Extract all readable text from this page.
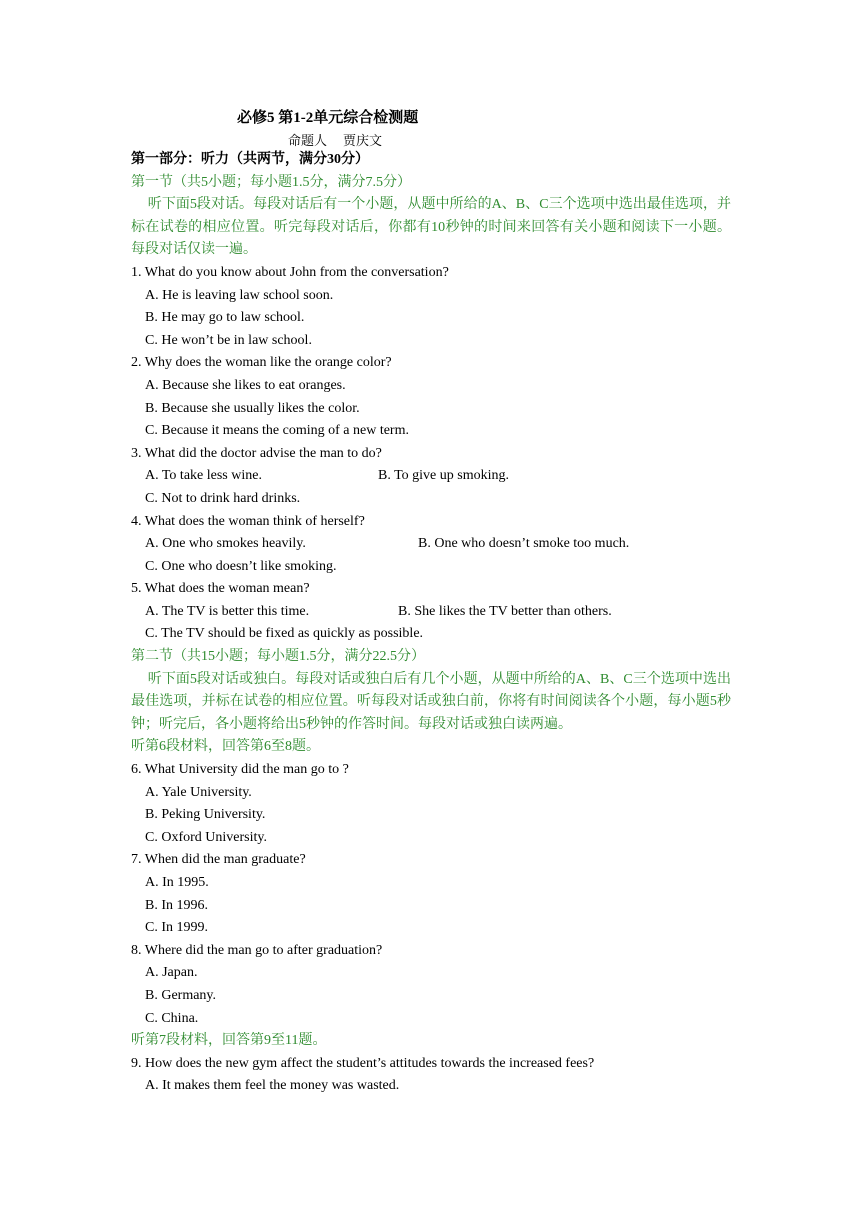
必修5 第1-2单元综合检测题
命题人 贾庆文
第一部分：听力（共两节，满分30分）
第一节（共5小题；每小题1.5分，满分7.5分）
听下面5段对话。每段对话后有一个小题，从题中所给的A、B、C三个选项中选出最佳选项，并标在试卷的相应位置。听完每段对话后，你都有10秒钟的时间来回答有关小题和阅读下一小题。每段对话仅读一遍。
1. What do you know about John from the conversation?
A. He is leaving law school soon.
B. He may go to law school.
C. He won’t be in law school.
2. Why does the woman like the orange color?
A. Because she likes to eat oranges.
B. Because she usually likes the color.
C. Because it means the coming of a new term.
3. What did the doctor advise the man to do?
A. To take less wine.	B. To give up smoking.
C. Not to drink hard drinks.
4. What does the woman think of herself?
A. One who smokes heavily.	B. One who doesn’t smoke too much.
C. One who doesn’t like smoking.
5. What does the woman mean?
A. The TV is better this time.	B. She likes the TV better than others.
C. The TV should be fixed as quickly as possible.
第二节（共15小题；每小题1.5分，满分22.5分）
听下面5段对话或独白。每段对话或独白后有几个小题，从题中所给的A、B、C三个选项中选出最佳选项，并标在试卷的相应位置。听每段对话或独白前，你将有时间阅读各个小题，每小题5秒钟；听完后，各小题将给出5秒钟的作答时间。每段对话或独白读两遍。
听第6段材料，回答第6至8题。
6. What University did the man go to ?
A. Yale University.
B. Peking University.
C. Oxford University.
7. When did the man graduate?
A. In 1995.
B. In 1996.
C. In 1999.
8. Where did the man go to after graduation?
A. Japan.
B. Germany.
C. China.
听第7段材料，回答第9至11题。
9. How does the new gym affect the student’s attitudes towards the increased fees?
A. It makes them feel the money was wasted.
